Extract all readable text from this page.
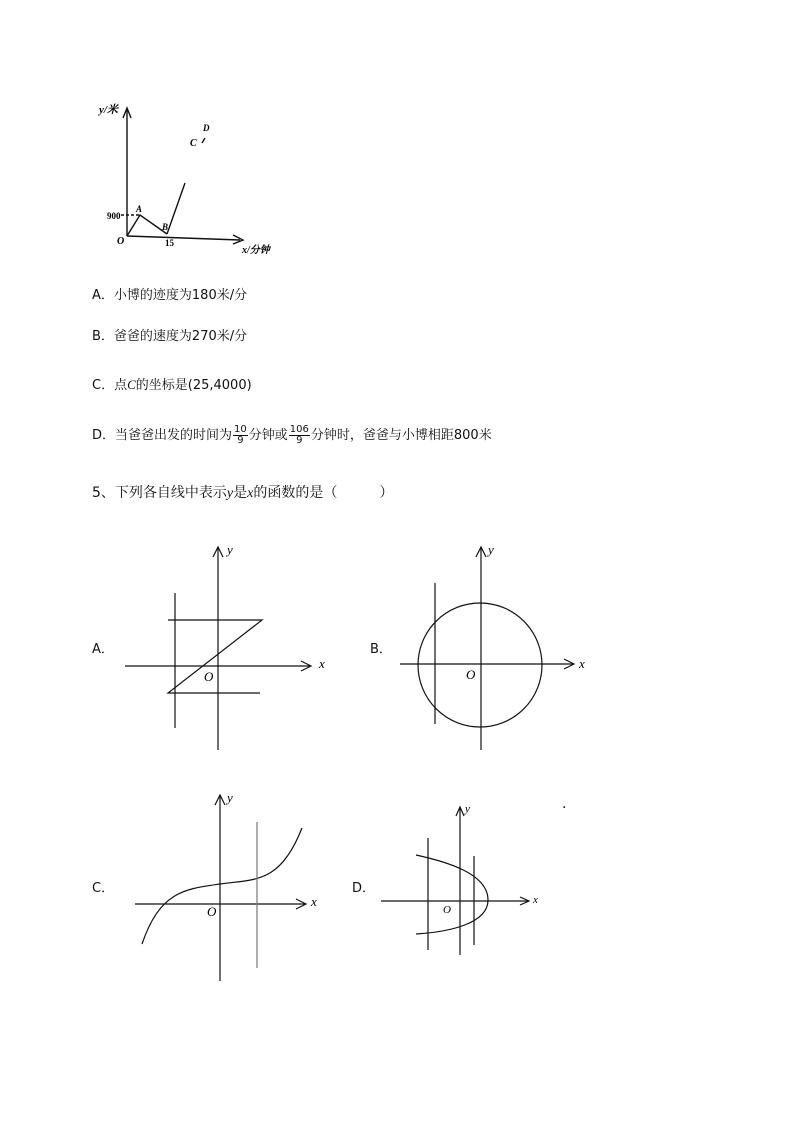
y/米
x/分钟
O
A
B
C
D
900
15
A．小博的迹度为180米/分
B．爸爸的速度为270米/分
C．点C的坐标是(25,4000)
D．当爸爸出发的时间为 $\frac{10}{9}$ 分钟或 $\frac{106}{9}$ 分钟时，爸爸与小博相距800米
5、下列各自线中表示y是x的函数的是（　　　）
A．
x
y
O
B．
x
y
O
C．
x
y
O
D．
x
y
O
.
